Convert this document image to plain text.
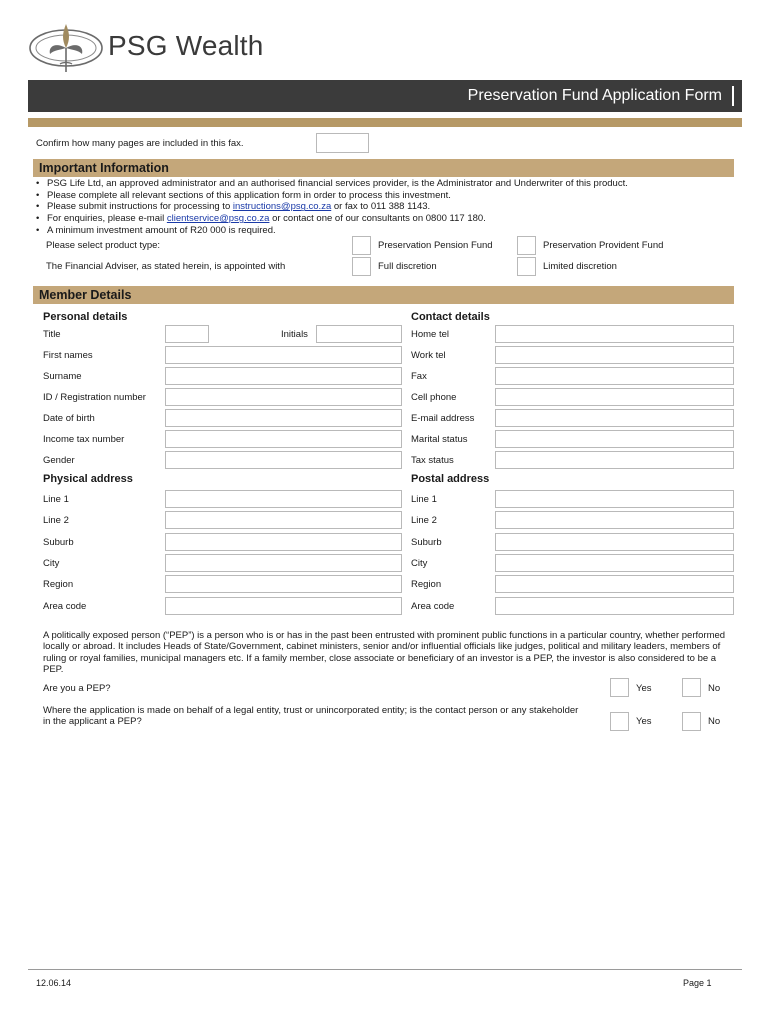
PSG Wealth
Preservation Fund Application Form
Confirm how many pages are included in this fax.
Important Information
• PSG Life Ltd, an approved administrator and an authorised financial services provider, is the Administrator and Underwriter of this product.
• Please complete all relevant sections of this application form in order to process this investment.
• Please submit instructions for processing to instructions@psg.co.za or fax to 011 388 1143.
• For enquiries, please e-mail clientservice@psg.co.za or contact one of our consultants on 0800 117 180.
• A minimum investment amount of R20 000 is required.
Please select product type:	Preservation Pension Fund	Preservation Provident Fund
The Financial Adviser, as stated herein, is appointed with	Full discretion	Limited discretion
Member Details
Personal details	Contact details
Title	Initials	Home tel
First names	Work tel
Surname	Fax
ID / Registration number	Cell phone
Date of birth	E-mail address
Income tax number	Marital status
Gender	Tax status
Physical address	Postal address
Line 1	Line 1
Line 2	Line 2
Suburb	Suburb
City	City
Region	Region
Area code	Area code
A politically exposed person (“PEP”) is a person who is or has in the past been entrusted with prominent public functions in a particular country, whether performed locally or abroad. It includes Heads of State/Government, cabinet ministers, senior and/or influential officials like judges, political and military leaders, members of ruling or royal families, municipal managers etc. If a family member, close associate or beneficiary of an investor is a PEP, the investor is also considered to be a PEP.
Are you a PEP?	Yes	No
Where the application is made on behalf of a legal entity, trust or unincorporated entity; is the contact person or any stakeholder in the applicant a PEP?	Yes	No
12.06.14	Page 1
